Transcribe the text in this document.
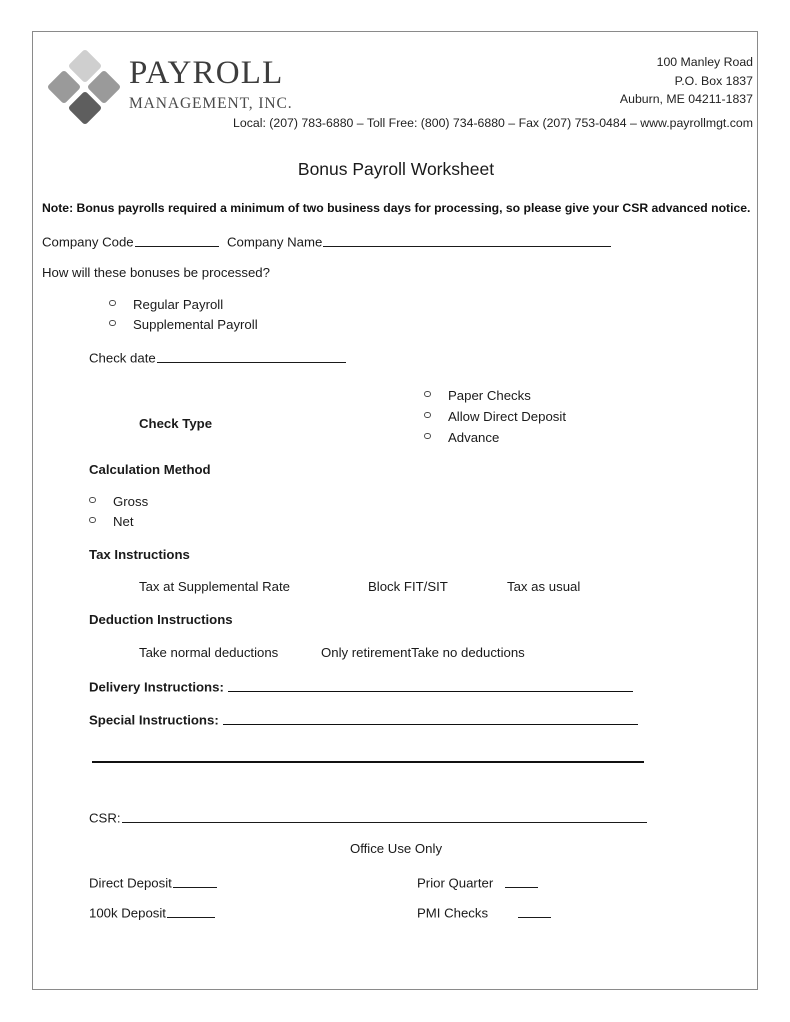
PAYROLL
MANAGEMENT, INC.
100 Manley Road
P.O. Box 1837
Auburn, ME 04211-1837
Local: (207) 783-6880 – Toll Free: (800) 734-6880 – Fax (207) 753-0484 – www.payrollmgt.com
Bonus Payroll Worksheet
Note: Bonus payrolls required a minimum of two business days for processing, so please give your CSR advanced notice.
Company Code	Company Name
How will these bonuses be processed?
Regular Payroll
Supplemental Payroll
Check date
Check Type
Paper Checks
Allow Direct Deposit
Advance
Calculation Method
Gross
Net
Tax Instructions
Tax at Supplemental Rate	Block FIT/SIT	Tax as usual
Deduction Instructions
Take normal deductions	Only retirementTake no deductions
Delivery Instructions:
Special Instructions:
CSR:
Office Use Only
Direct Deposit	Prior Quarter
100k Deposit	PMI Checks
